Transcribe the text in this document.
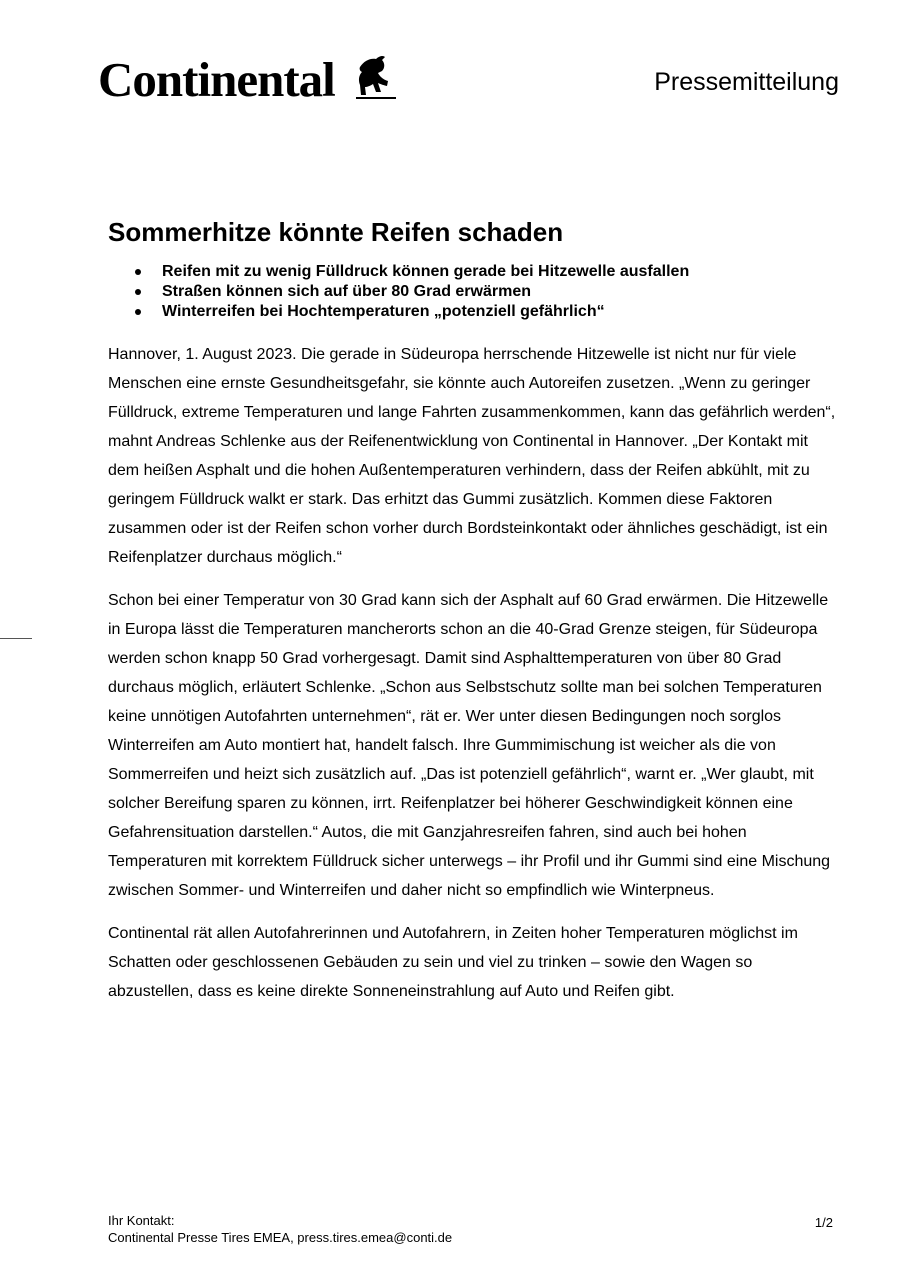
Continental	Pressemitteilung
Sommerhitze könnte Reifen schaden
Reifen mit zu wenig Fülldruck können gerade bei Hitzewelle ausfallen
Straßen können sich auf über 80 Grad erwärmen
Winterreifen bei Hochtemperaturen „potenziell gefährlich“

Hannover, 1. August 2023. Die gerade in Südeuropa herrschende Hitzewelle ist nicht nur für viele Menschen eine ernste Gesundheitsgefahr, sie könnte auch Autoreifen zusetzen. „Wenn zu geringer Fülldruck, extreme Temperaturen und lange Fahrten zusammenkommen, kann das gefährlich werden“, mahnt Andreas Schlenke aus der Reifenentwicklung von Continental in Hannover. „Der Kontakt mit dem heißen Asphalt und die hohen Außentemperaturen verhindern, dass der Reifen abkühlt, mit zu geringem Fülldruck walkt er stark. Das erhitzt das Gummi zusätzlich. Kommen diese Faktoren zusammen oder ist der Reifen schon vorher durch Bordsteinkontakt oder ähnliches geschädigt, ist ein Reifenplatzer durchaus möglich.“

Schon bei einer Temperatur von 30 Grad kann sich der Asphalt auf 60 Grad erwärmen. Die Hitzewelle in Europa lässt die Temperaturen mancherorts schon an die 40-Grad Grenze steigen, für Südeuropa werden schon knapp 50 Grad vorhergesagt. Damit sind Asphalttemperaturen von über 80 Grad durchaus möglich, erläutert Schlenke. „Schon aus Selbstschutz sollte man bei solchen Temperaturen keine unnötigen Autofahrten unternehmen“, rät er. Wer unter diesen Bedingungen noch sorglos Winterreifen am Auto montiert hat, handelt falsch. Ihre Gummimischung ist weicher als die von Sommerreifen und heizt sich zusätzlich auf. „Das ist potenziell gefährlich“, warnt er. „Wer glaubt, mit solcher Bereifung sparen zu können, irrt. Reifenplatzer bei höherer Geschwindigkeit können eine Gefahrensituation darstellen.“ Autos, die mit Ganzjahresreifen fahren, sind auch bei hohen Temperaturen mit korrektem Fülldruck sicher unterwegs – ihr Profil und ihr Gummi sind eine Mischung zwischen Sommer- und Winterreifen und daher nicht so empfindlich wie Winterpneus.

Continental rät allen Autofahrerinnen und Autofahrern, in Zeiten hoher Temperaturen möglichst im Schatten oder geschlossenen Gebäuden zu sein und viel zu trinken – sowie den Wagen so abzustellen, dass es keine direkte Sonneneinstrahlung auf Auto und Reifen gibt.

Ihr Kontakt:
Continental Presse Tires EMEA, press.tires.emea@conti.de
1/2
